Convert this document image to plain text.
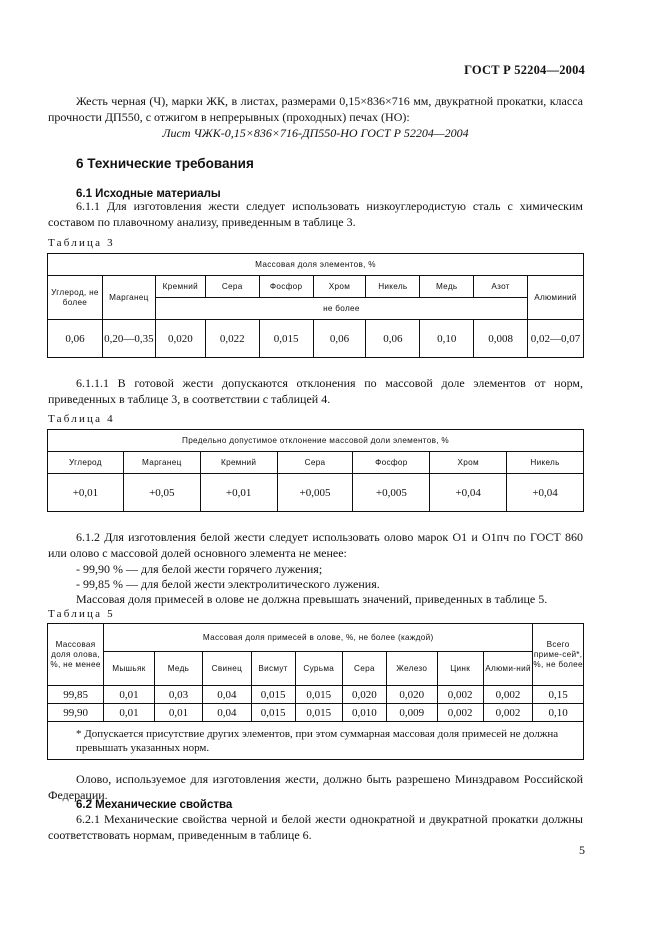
ГОСТ Р 52204—2004
Жесть черная (Ч), марки ЖК, в листах, размерами 0,15×836×716 мм, двукратной прокатки, класса прочности ДП550, с отжигом в непрерывных (проходных) печах (НО):
Лист ЧЖК-0,15×836×716-ДП550-НО ГОСТ Р 52204—2004
6 Технические требования
6.1 Исходные материалы
6.1.1 Для изготовления жести следует использовать низкоуглеродистую сталь с химическим составом по плавочному анализу, приведенным в таблице 3.
Таблица 3
Массовая доля элементов, %									
Углерод, не более	Марганец	Кремний	Сера	Фосфор	Хром	Никель	Медь	Азот	Алюминий
		не более							
0,06	0,20—0,35	0,020	0,022	0,015	0,06	0,06	0,10	0,008	0,02—0,07
6.1.1.1 В готовой жести допускаются отклонения по массовой доле элементов от норм, приведенных в таблице 3, в соответствии с таблицей 4.
Таблица 4
Предельно допустимое отклонение массовой доли элементов, %						
Углерод	Марганец	Кремний	Сера	Фосфор	Хром	Никель
+0,01	+0,05	+0,01	+0,005	+0,005	+0,04	+0,04
6.1.2 Для изготовления белой жести следует использовать олово марок О1 и О1пч по ГОСТ 860 или олово с массовой долей основного элемента не менее:
- 99,90 % — для белой жести горячего лужения;
- 99,85 % — для белой жести электролитического лужения.
Массовая доля примесей в олове не должна превышать значений, приведенных в таблице 5.
Таблица 5
Массовая доля олова, %, не менее	Массовая доля примесей в олове, %, не более (каждой)									Всего приме-сей*, %, не более
	Мышьяк	Медь	Свинец	Висмут	Сурьма	Сера	Железо	Цинк	Алюми-ний	
99,85	0,01	0,03	0,04	0,015	0,015	0,020	0,020	0,002	0,002	0,15
99,90	0,01	0,01	0,04	0,015	0,015	0,010	0,009	0,002	0,002	0,10
* Допускается присутствие других элементов, при этом суммарная массовая доля примесей не должна превышать указанных норм.										
Олово, используемое для изготовления жести, должно быть разрешено Минздравом Российской Федерации.
6.2 Механические свойства
6.2.1 Механические свойства черной и белой жести однократной и двукратной прокатки должны соответствовать нормам, приведенным в таблице 6.
5
